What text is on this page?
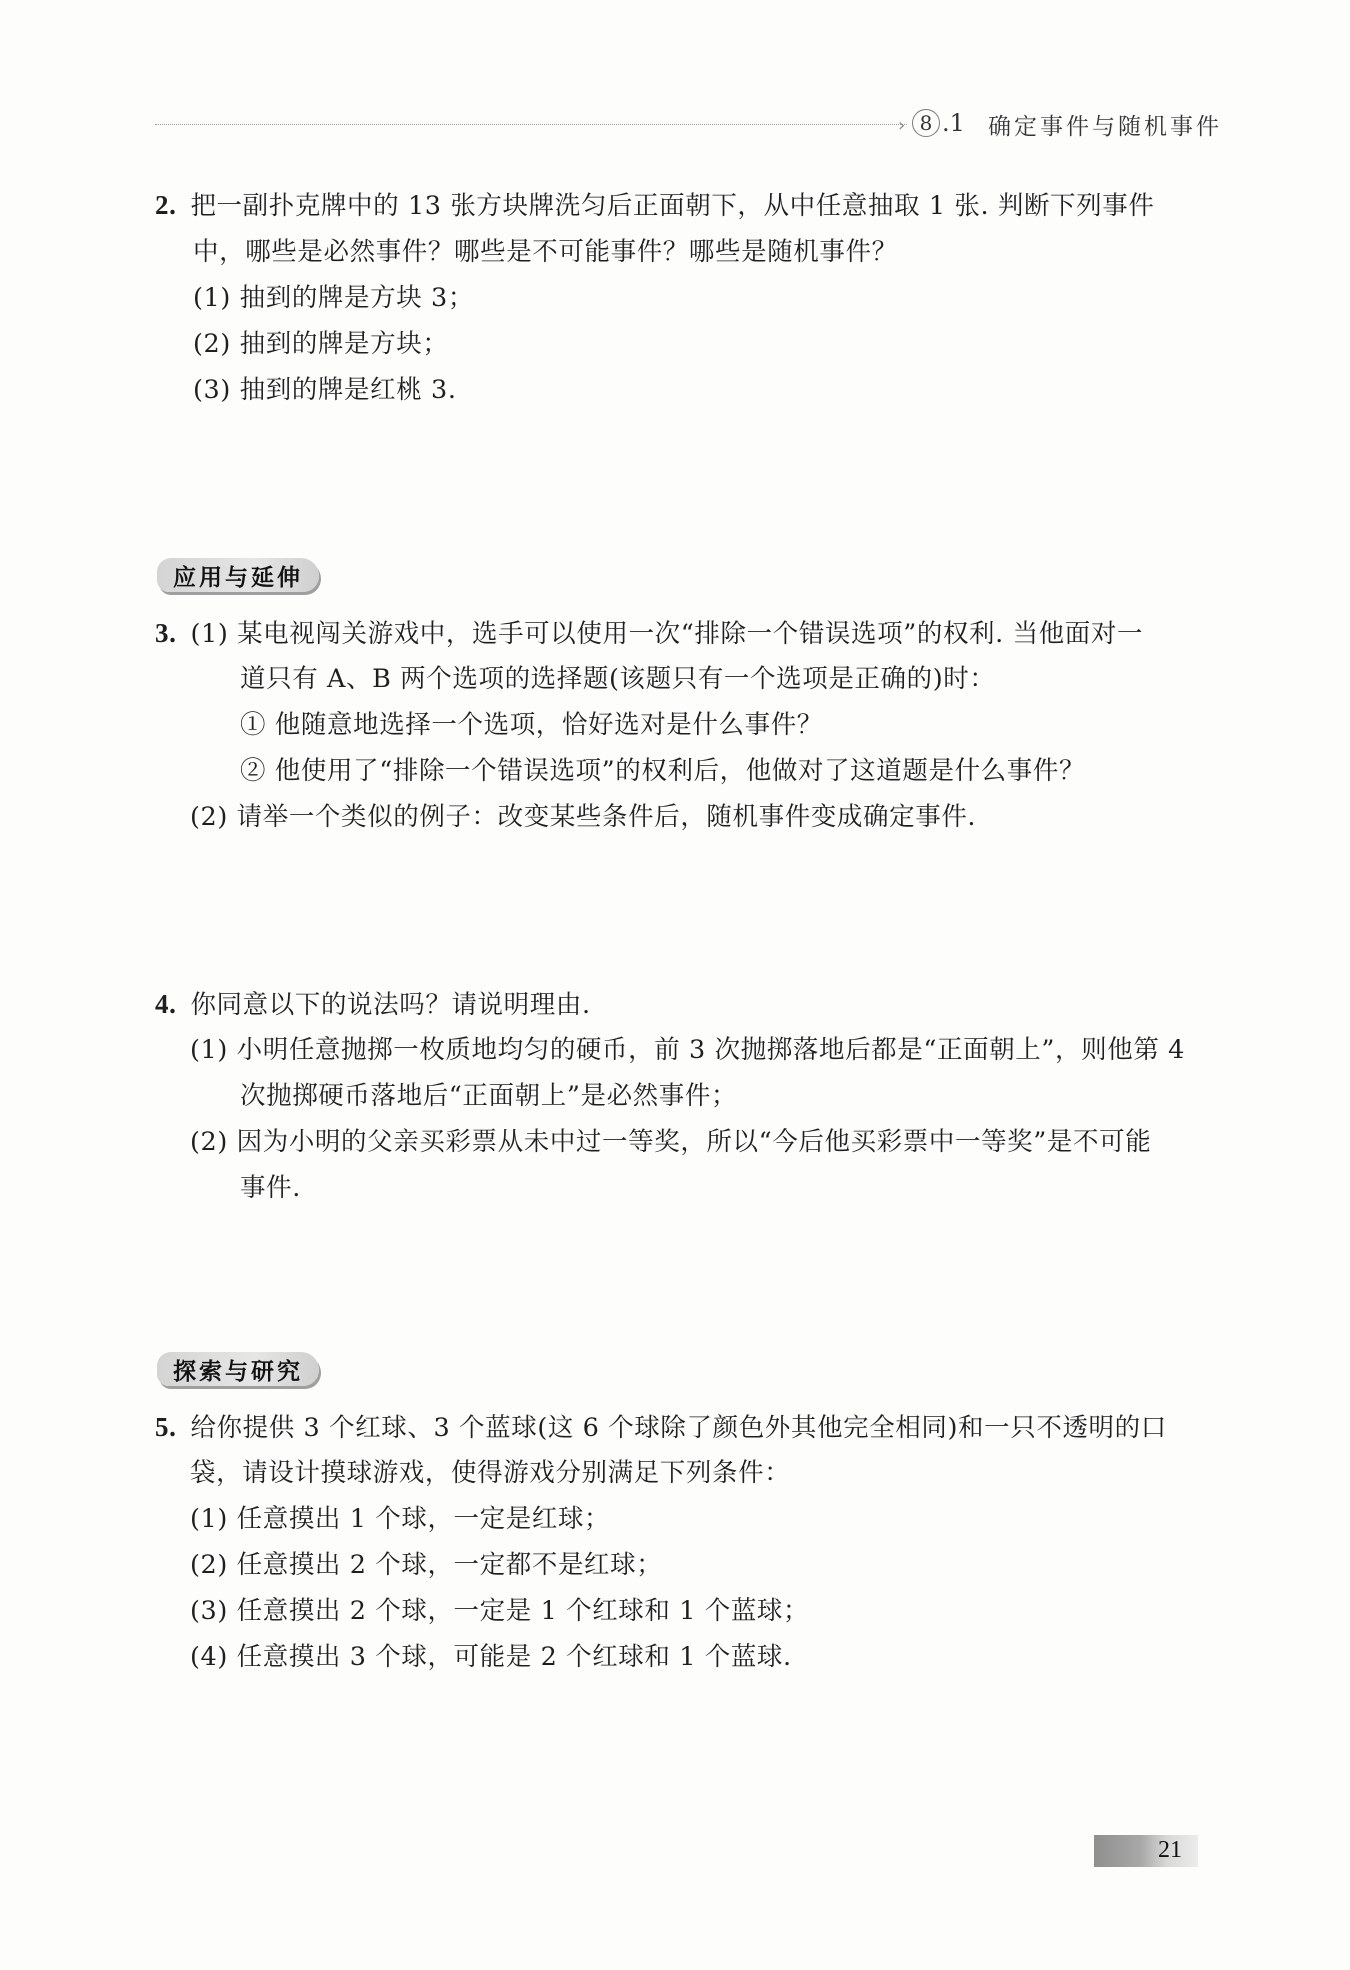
› 8 .1 确定事件与随机事件
2. 把一副扑克牌中的 13 张方块牌洗匀后正面朝下，从中任意抽取 1 张. 判断下列事件
中，哪些是必然事件？哪些是不可能事件？哪些是随机事件？
(1) 抽到的牌是方块 3；
(2) 抽到的牌是方块；
(3) 抽到的牌是红桃 3.
应用与延伸
3. (1) 某电视闯关游戏中，选手可以使用一次“排除一个错误选项”的权利. 当他面对一
道只有 A、B 两个选项的选择题(该题只有一个选项是正确的)时：
① 他随意地选择一个选项，恰好选对是什么事件？
② 他使用了“排除一个错误选项”的权利后，他做对了这道题是什么事件？
(2) 请举一个类似的例子：改变某些条件后，随机事件变成确定事件.
4. 你同意以下的说法吗？请说明理由.
(1) 小明任意抛掷一枚质地均匀的硬币，前 3 次抛掷落地后都是“正面朝上”，则他第 4
次抛掷硬币落地后“正面朝上”是必然事件；
(2) 因为小明的父亲买彩票从未中过一等奖，所以“今后他买彩票中一等奖”是不可能
事件.
探索与研究
5. 给你提供 3 个红球、3 个蓝球(这 6 个球除了颜色外其他完全相同)和一只不透明的口
袋，请设计摸球游戏，使得游戏分别满足下列条件：
(1) 任意摸出 1 个球，一定是红球；
(2) 任意摸出 2 个球，一定都不是红球；
(3) 任意摸出 2 个球，一定是 1 个红球和 1 个蓝球；
(4) 任意摸出 3 个球，可能是 2 个红球和 1 个蓝球.
21
